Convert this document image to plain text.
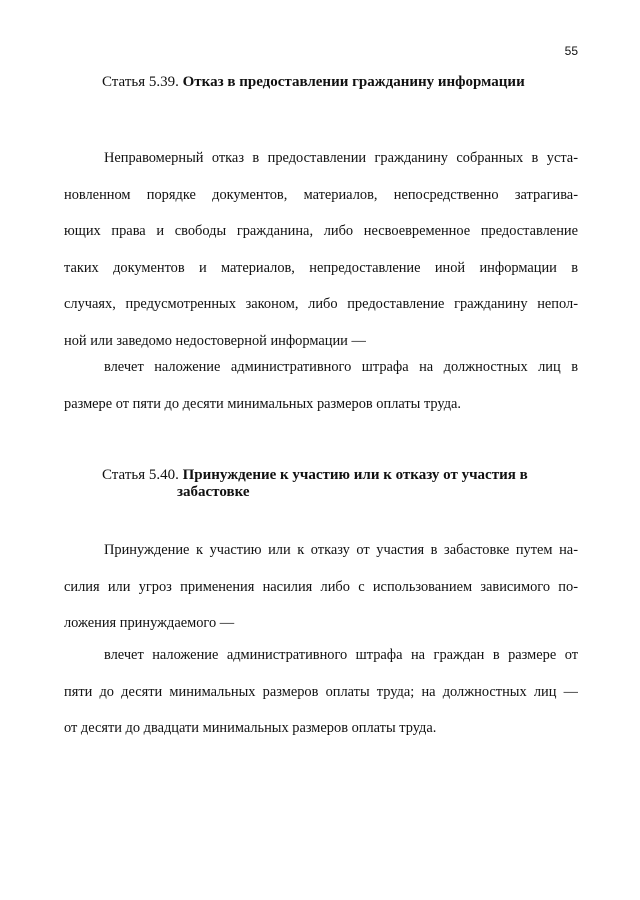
55
Статья 5.39. Отказ в предоставлении гражданину информации
Неправомерный отказ в предоставлении гражданину собранных в уста-
новленном порядке документов, материалов, непосредственно затрагива-
ющих права и свободы гражданина, либо несвоевременное предоставление
таких документов и материалов, непредоставление иной информации в
случаях, предусмотренных законом, либо предоставление гражданину непол-
ной или заведомо недостоверной информации —
влечет наложение административного штрафа на должностных лиц в
размере от пяти до десяти минимальных размеров оплаты труда.
Статья 5.40. Принуждение к участию или к отказу от участия в
забастовке
Принуждение к участию или к отказу от участия в забастовке путем на-
силия или угроз применения насилия либо с использованием зависимого по-
ложения принуждаемого —
влечет наложение административного штрафа на граждан в размере от
пяти до десяти минимальных размеров оплаты труда; на должностных лиц —
от десяти до двадцати минимальных размеров оплаты труда.
